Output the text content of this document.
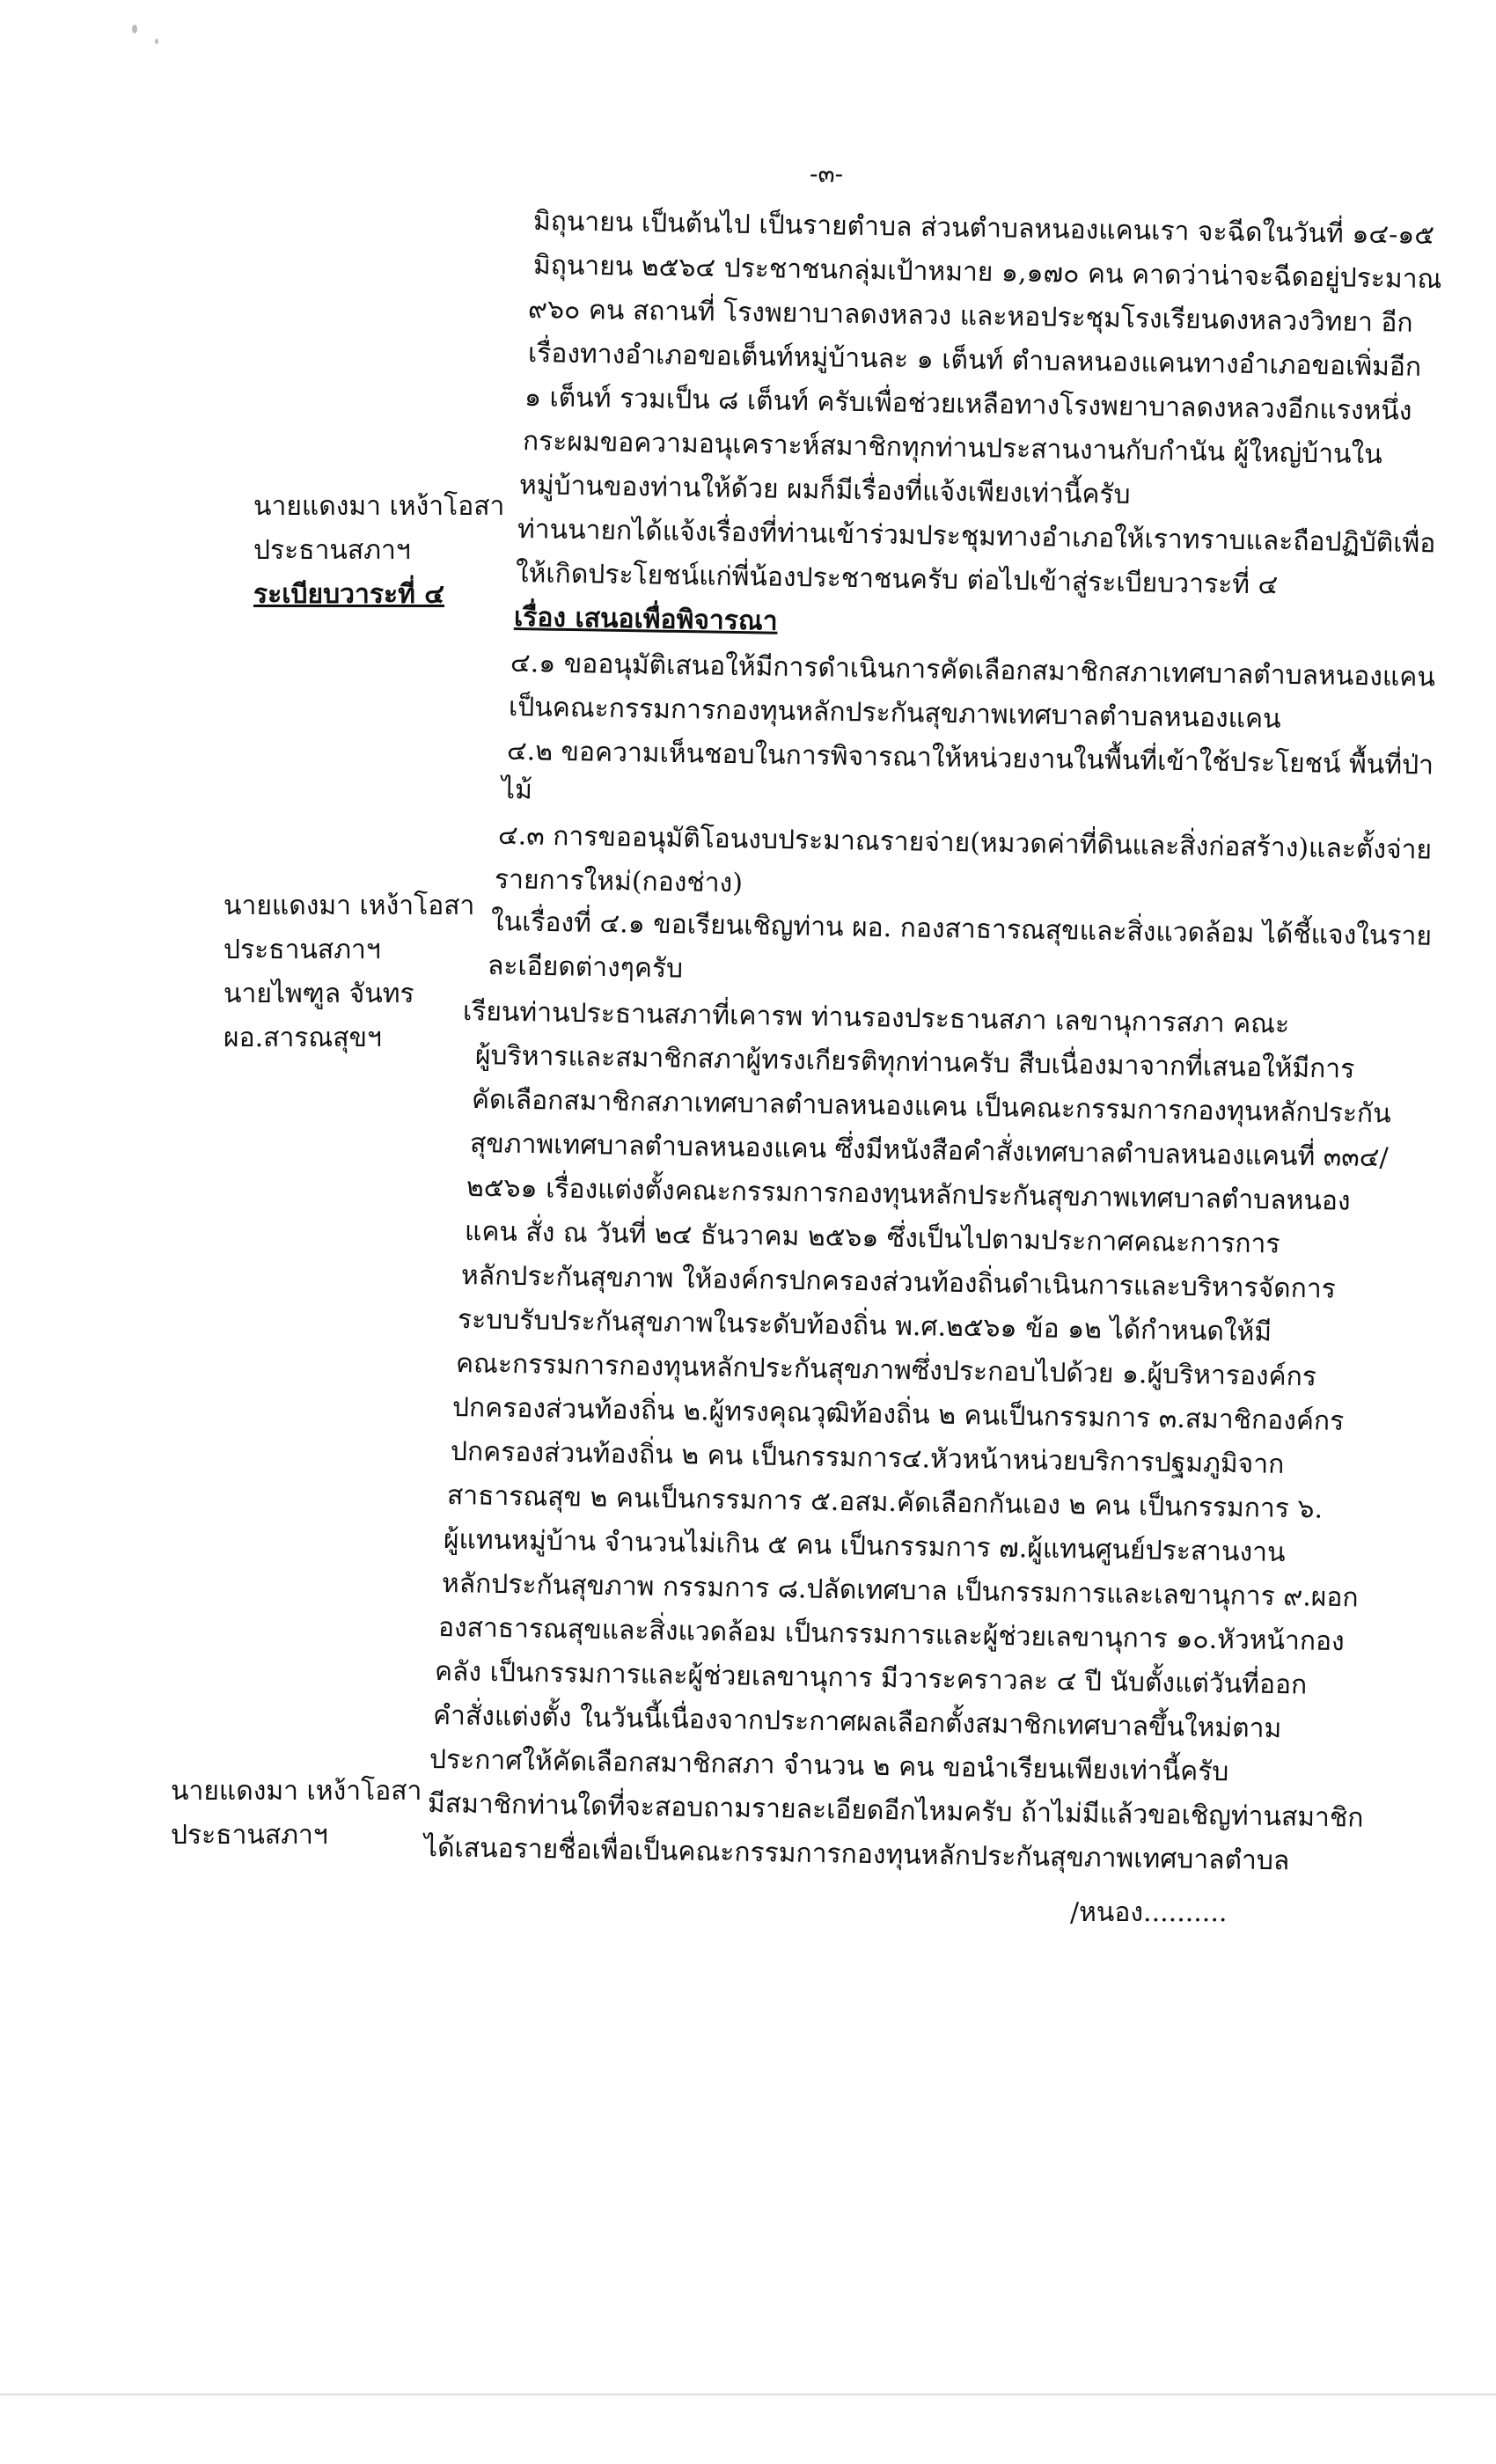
-๓-

มิถุนายน เป็นต้นไป เป็นรายตำบล ส่วนตำบลหนองแคนเรา จะฉีดในวันที่ ๑๔-๑๕

มิถุนายน ๒๕๖๔ ประชาชนกลุ่มเป้าหมาย ๑,๑๗๐ คน คาดว่าน่าจะฉีดอยู่ประมาณ

๙๖๐ คน สถานที่ โรงพยาบาลดงหลวง และหอประชุมโรงเรียนดงหลวงวิทยา อีก

เรื่องทางอำเภอขอเต็นท์หมู่บ้านละ ๑ เต็นท์ ตำบลหนองแคนทางอำเภอขอเพิ่มอีก

๑ เต็นท์ รวมเป็น ๘ เต็นท์ ครับเพื่อช่วยเหลือทางโรงพยาบาลดงหลวงอีกแรงหนึ่ง

กระผมขอความอนุเคราะห์สมาชิกทุกท่านประสานงานกับกำนัน ผู้ใหญ่บ้านใน

หมู่บ้านของท่านให้ด้วย ผมก็มีเรื่องที่แจ้งเพียงเท่านี้ครับ

นายแดงมา เหง้าโอสา

ประธานสภาฯ

ระเบียบวาระที่ ๔

ท่านนายกได้แจ้งเรื่องที่ท่านเข้าร่วมประชุมทางอำเภอให้เราทราบและถือปฏิบัติเพื่อ

ให้เกิดประโยชน์แก่พี่น้องประชาชนครับ ต่อไปเข้าสู่ระเบียบวาระที่ ๔

เรื่อง เสนอเพื่อพิจารณา

๔.๑ ขออนุมัติเสนอให้มีการดำเนินการคัดเลือกสมาชิกสภาเทศบาลตำบลหนองแคน

เป็นคณะกรรมการกองทุนหลักประกันสุขภาพเทศบาลตำบลหนองแคน

๔.๒ ขอความเห็นชอบในการพิจารณาให้หน่วยงานในพื้นที่เข้าใช้ประโยชน์ พื้นที่ป่า

ไม้

๔.๓ การขออนุมัติโอนงบประมาณรายจ่าย(หมวดค่าที่ดินและสิ่งก่อสร้าง)และตั้งจ่าย

รายการใหม่(กองช่าง)

นายแดงมา เหง้าโอสา

ประธานสภาฯ	ในเรื่องที่ ๔.๑ ขอเรียนเชิญท่าน ผอ. กองสาธารณสุขและสิ่งแวดล้อม ได้ชี้แจงในราย

ละเอียดต่างๆครับ

นายไพฑูล จันทร

ผอ.สารณสุขฯ	เรียนท่านประธานสภาที่เคารพ ท่านรองประธานสภา เลขานุการสภา คณะ

ผู้บริหารและสมาชิกสภาผู้ทรงเกียรติทุกท่านครับ สืบเนื่องมาจากที่เสนอให้มีการ

คัดเลือกสมาชิกสภาเทศบาลตำบลหนองแคน เป็นคณะกรรมการกองทุนหลักประกัน

สุขภาพเทศบาลตำบลหนองแคน ซึ่งมีหนังสือคำสั่งเทศบาลตำบลหนองแคนที่ ๓๓๔/

๒๕๖๑ เรื่องแต่งตั้งคณะกรรมการกองทุนหลักประกันสุขภาพเทศบาลตำบลหนอง

แคน สั่ง ณ วันที่ ๒๔ ธันวาคม ๒๕๖๑ ซึ่งเป็นไปตามประกาศคณะการการ

หลักประกันสุขภาพ ให้องค์กรปกครองส่วนท้องถิ่นดำเนินการและบริหารจัดการ

ระบบรับประกันสุขภาพในระดับท้องถิ่น พ.ศ.๒๕๖๑ ข้อ ๑๒ ได้กำหนดให้มี

คณะกรรมการกองทุนหลักประกันสุขภาพซึ่งประกอบไปด้วย ๑.ผู้บริหารองค์กร

ปกครองส่วนท้องถิ่น ๒.ผู้ทรงคุณวุฒิท้องถิ่น ๒ คนเป็นกรรมการ ๓.สมาชิกองค์กร

ปกครองส่วนท้องถิ่น ๒ คน เป็นกรรมการ๔.หัวหน้าหน่วยบริการปฐมภูมิจาก

สาธารณสุข ๒ คนเป็นกรรมการ ๕.อสม.คัดเลือกกันเอง ๒ คน เป็นกรรมการ ๖.

ผู้แทนหมู่บ้าน จำนวนไม่เกิน ๕ คน เป็นกรรมการ ๗.ผู้แทนศูนย์ประสานงาน

หลักประกันสุขภาพ กรรมการ ๘.ปลัดเทศบาล เป็นกรรมการและเลขานุการ ๙.ผอก

องสาธารณสุขและสิ่งแวดล้อม เป็นกรรมการและผู้ช่วยเลขานุการ ๑๐.หัวหน้ากอง

คลัง เป็นกรรมการและผู้ช่วยเลขานุการ มีวาระคราวละ ๔ ปี นับตั้งแต่วันที่ออก

คำสั่งแต่งตั้ง ในวันนี้เนื่องจากประกาศผลเลือกตั้งสมาชิกเทศบาลขึ้นใหม่ตาม

ประกาศให้คัดเลือกสมาชิกสภา จำนวน ๒ คน ขอนำเรียนเพียงเท่านี้ครับ

นายแดงมา เหง้าโอสา

ประธานสภาฯ

มีสมาชิกท่านใดที่จะสอบถามรายละเอียดอีกไหมครับ ถ้าไม่มีแล้วขอเชิญท่านสมาชิก

ได้เสนอรายชื่อเพื่อเป็นคณะกรรมการกองทุนหลักประกันสุขภาพเทศบาลตำบล

/หนอง..........
